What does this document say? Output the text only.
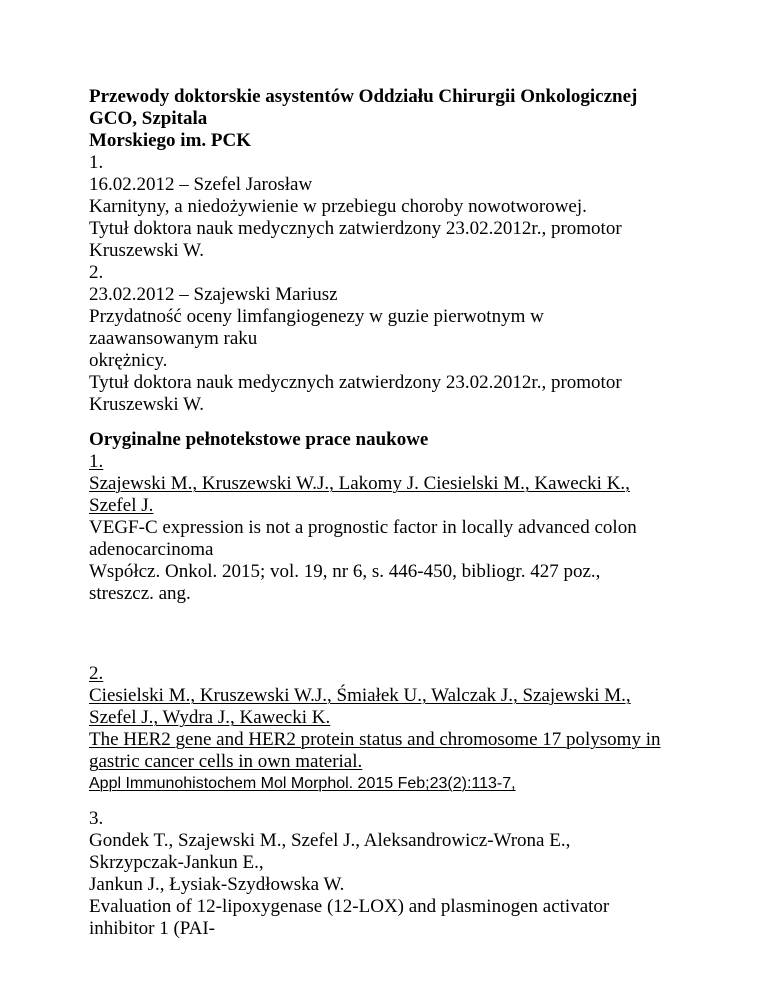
Przewody doktorskie asystentów Oddziału Chirurgii Onkologicznej
GCO, Szpitala
Morskiego im. PCK
1.
16.02.2012 – Szefel Jarosław
Karnityny, a niedożywienie w przebiegu choroby nowotworowej.
Tytuł doktora nauk medycznych zatwierdzony 23.02.2012r., promotor
Kruszewski W.
2.
23.02.2012 – Szajewski Mariusz
Przydatność oceny limfangiogenezy w guzie pierwotnym w
zaawansowanym raku
okrężnicy.
Tytuł doktora nauk medycznych zatwierdzony 23.02.2012r., promotor
Kruszewski W.
Oryginalne pełnotekstowe prace naukowe
1.
Szajewski M., Kruszewski W.J., Lakomy J. Ciesielski M., Kawecki K.,
Szefel J.
VEGF-C expression is not a prognostic factor in locally advanced colon
adenocarcinoma
Współcz. Onkol. 2015; vol. 19, nr 6, s. 446-450, bibliogr. 427 poz.,
streszcz. ang.
2.
Ciesielski M., Kruszewski W.J., Śmiałek U., Walczak J., Szajewski M.,
Szefel J., Wydra J., Kawecki K.
The HER2 gene and HER2 protein status and chromosome 17 polysomy in
gastric cancer cells in own material.
Appl Immunohistochem Mol Morphol. 2015 Feb;23(2):113-7,
3.
Gondek T., Szajewski M., Szefel J., Aleksandrowicz-Wrona E.,
Skrzypczak-Jankun E.,
Jankun J., Łysiak-Szydłowska W.
Evaluation of 12-lipoxygenase (12-LOX) and plasminogen activator
inhibitor 1 (PAI-
